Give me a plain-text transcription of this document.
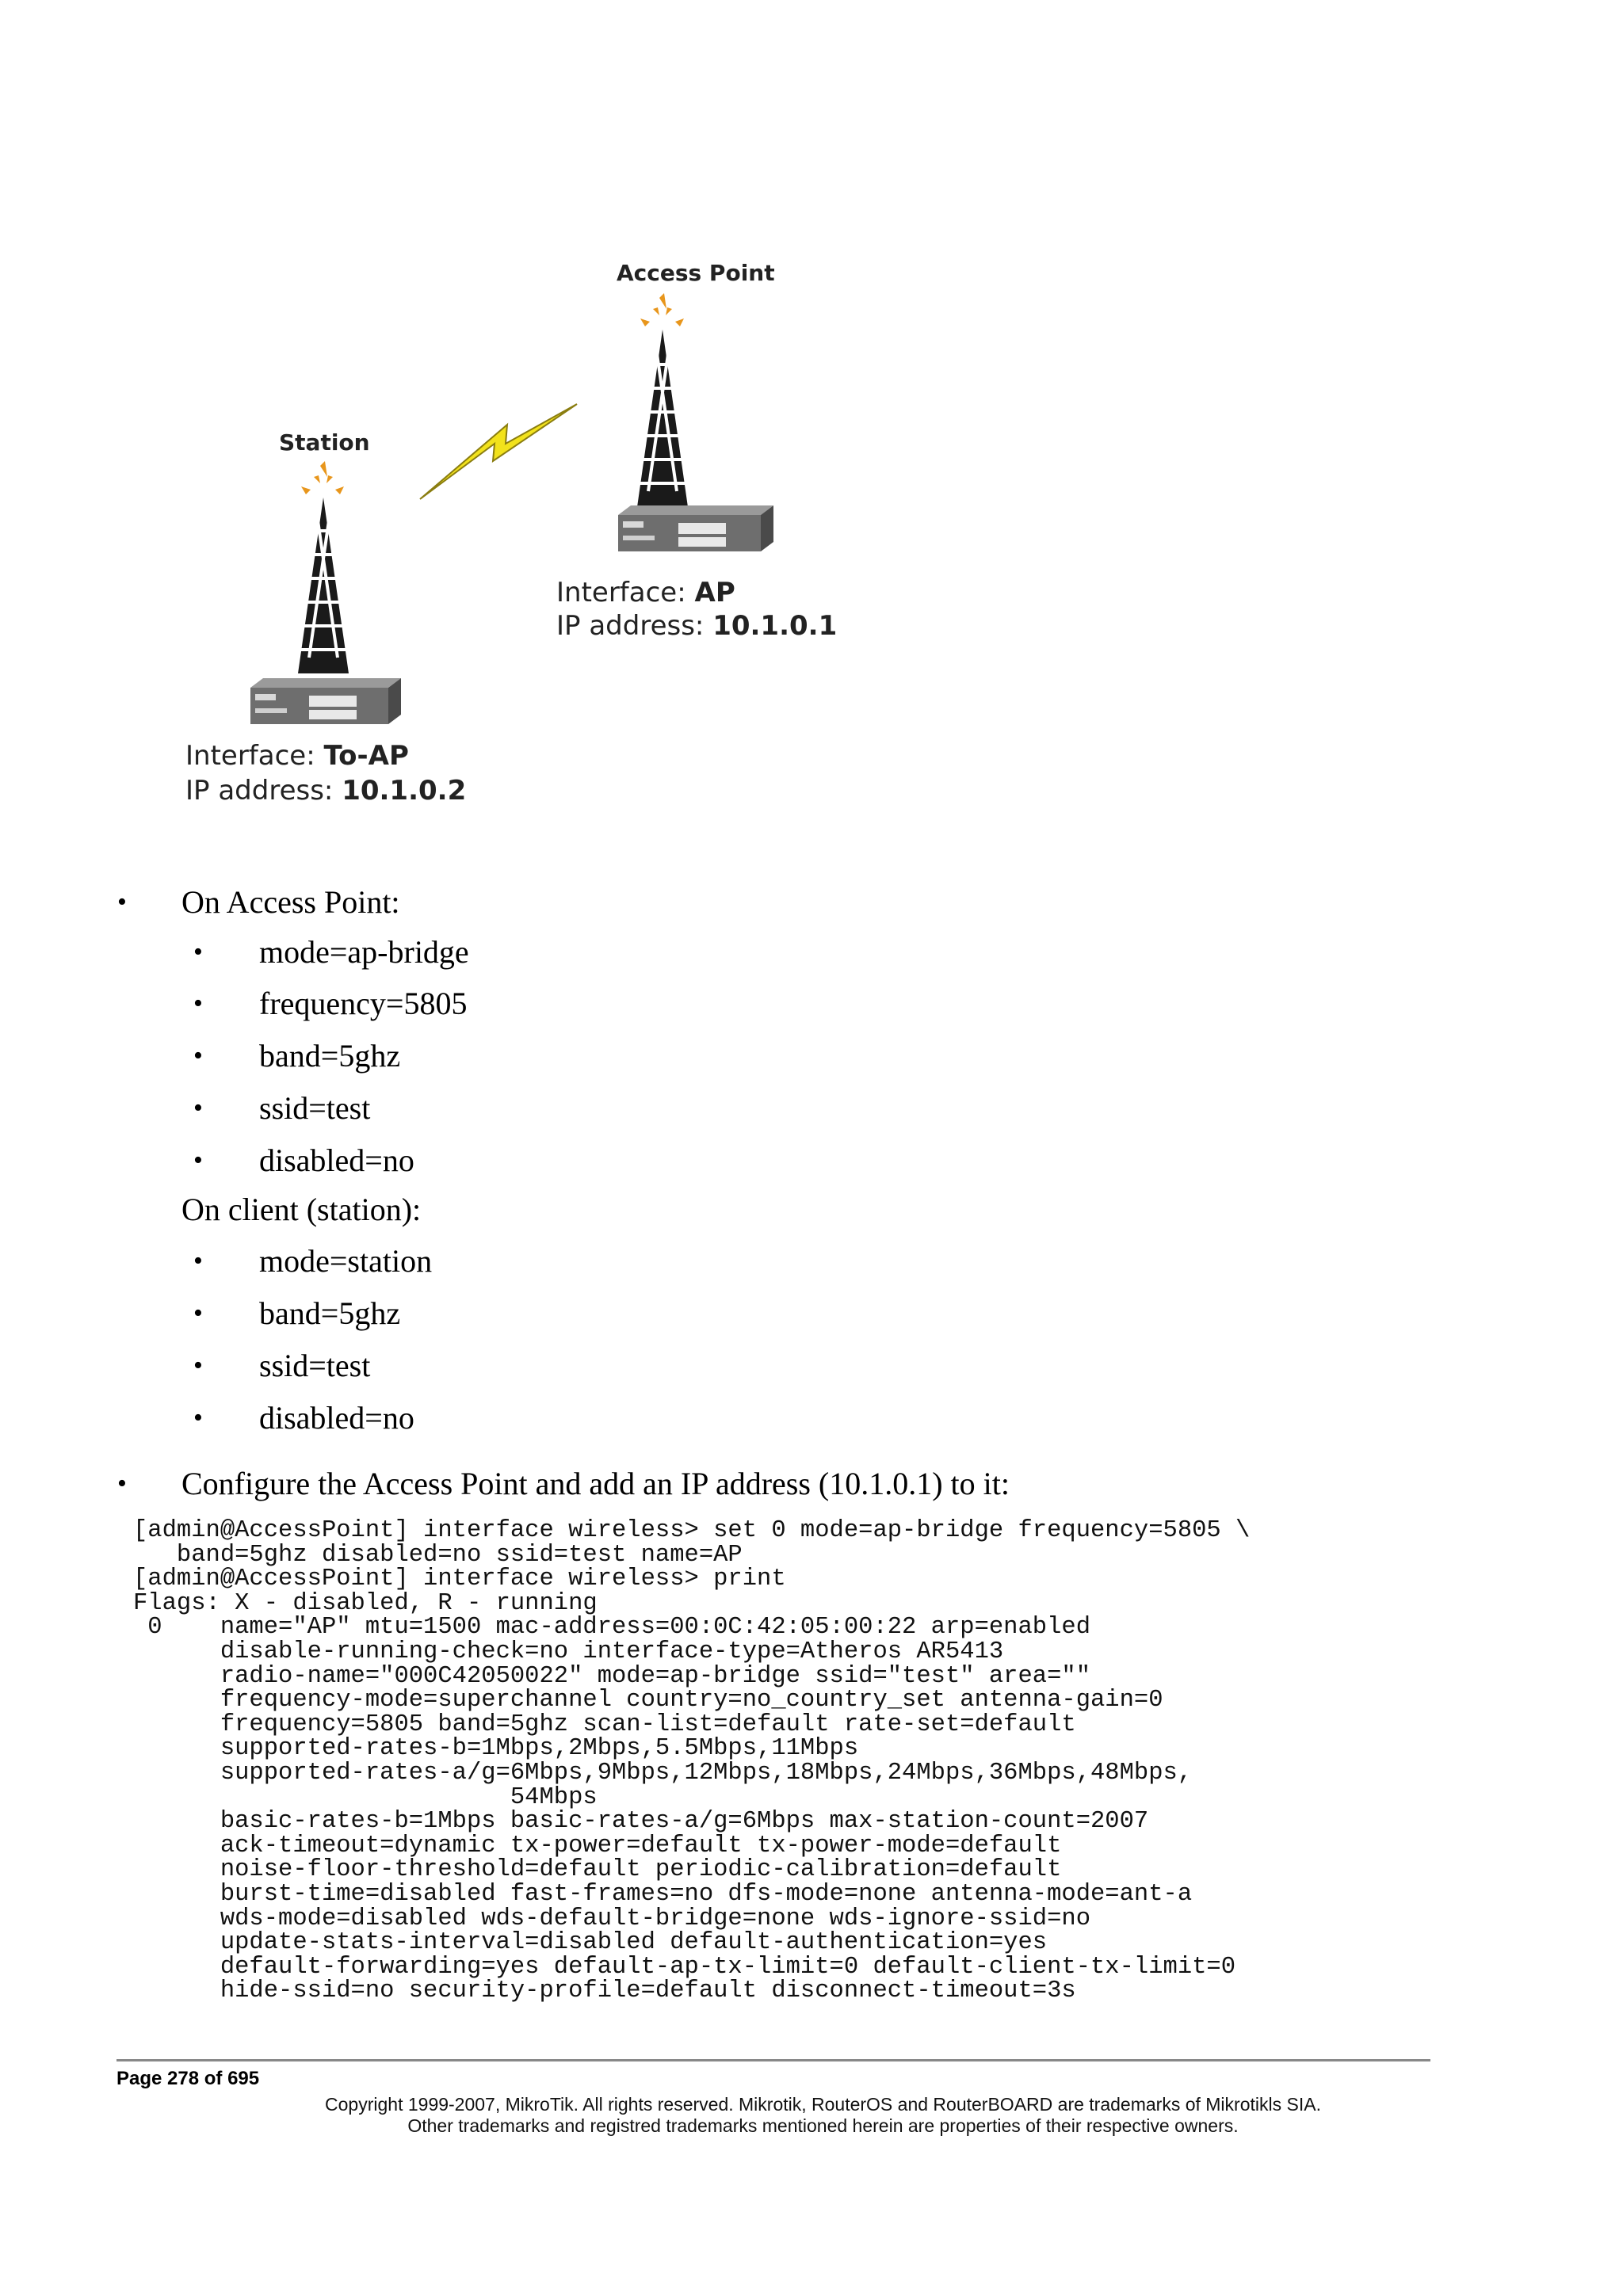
Access Point
Station
Interface: AP
IP address: 10.1.0.1
Interface: To-AP
IP address: 10.1.0.2
• On Access Point:
• mode=ap-bridge
• frequency=5805
• band=5ghz
• ssid=test
• disabled=no
On client (station):
• mode=station
• band=5ghz
• ssid=test
• disabled=no
• Configure the Access Point and add an IP address (10.1.0.1) to it:
[admin@AccessPoint] interface wireless> set 0 mode=ap-bridge frequency=5805 \
band=5ghz disabled=no ssid=test name=AP
[admin@AccessPoint] interface wireless> print
Flags: X - disabled, R - running
0    name="AP" mtu=1500 mac-address=00:0C:42:05:00:22 arp=enabled
disable-running-check=no interface-type=Atheros AR5413
radio-name="000C42050022" mode=ap-bridge ssid="test" area=""
frequency-mode=superchannel country=no_country_set antenna-gain=0
frequency=5805 band=5ghz scan-list=default rate-set=default
supported-rates-b=1Mbps,2Mbps,5.5Mbps,11Mbps
supported-rates-a/g=6Mbps,9Mbps,12Mbps,18Mbps,24Mbps,36Mbps,48Mbps,
54Mbps
basic-rates-b=1Mbps basic-rates-a/g=6Mbps max-station-count=2007
ack-timeout=dynamic tx-power=default tx-power-mode=default
noise-floor-threshold=default periodic-calibration=default
burst-time=disabled fast-frames=no dfs-mode=none antenna-mode=ant-a
wds-mode=disabled wds-default-bridge=none wds-ignore-ssid=no
update-stats-interval=disabled default-authentication=yes
default-forwarding=yes default-ap-tx-limit=0 default-client-tx-limit=0
hide-ssid=no security-profile=default disconnect-timeout=3s
Page 278 of 695
Copyright 1999-2007, MikroTik. All rights reserved. Mikrotik, RouterOS and RouterBOARD are trademarks of Mikrotikls SIA.
Other trademarks and registred trademarks mentioned herein are properties of their respective owners.
